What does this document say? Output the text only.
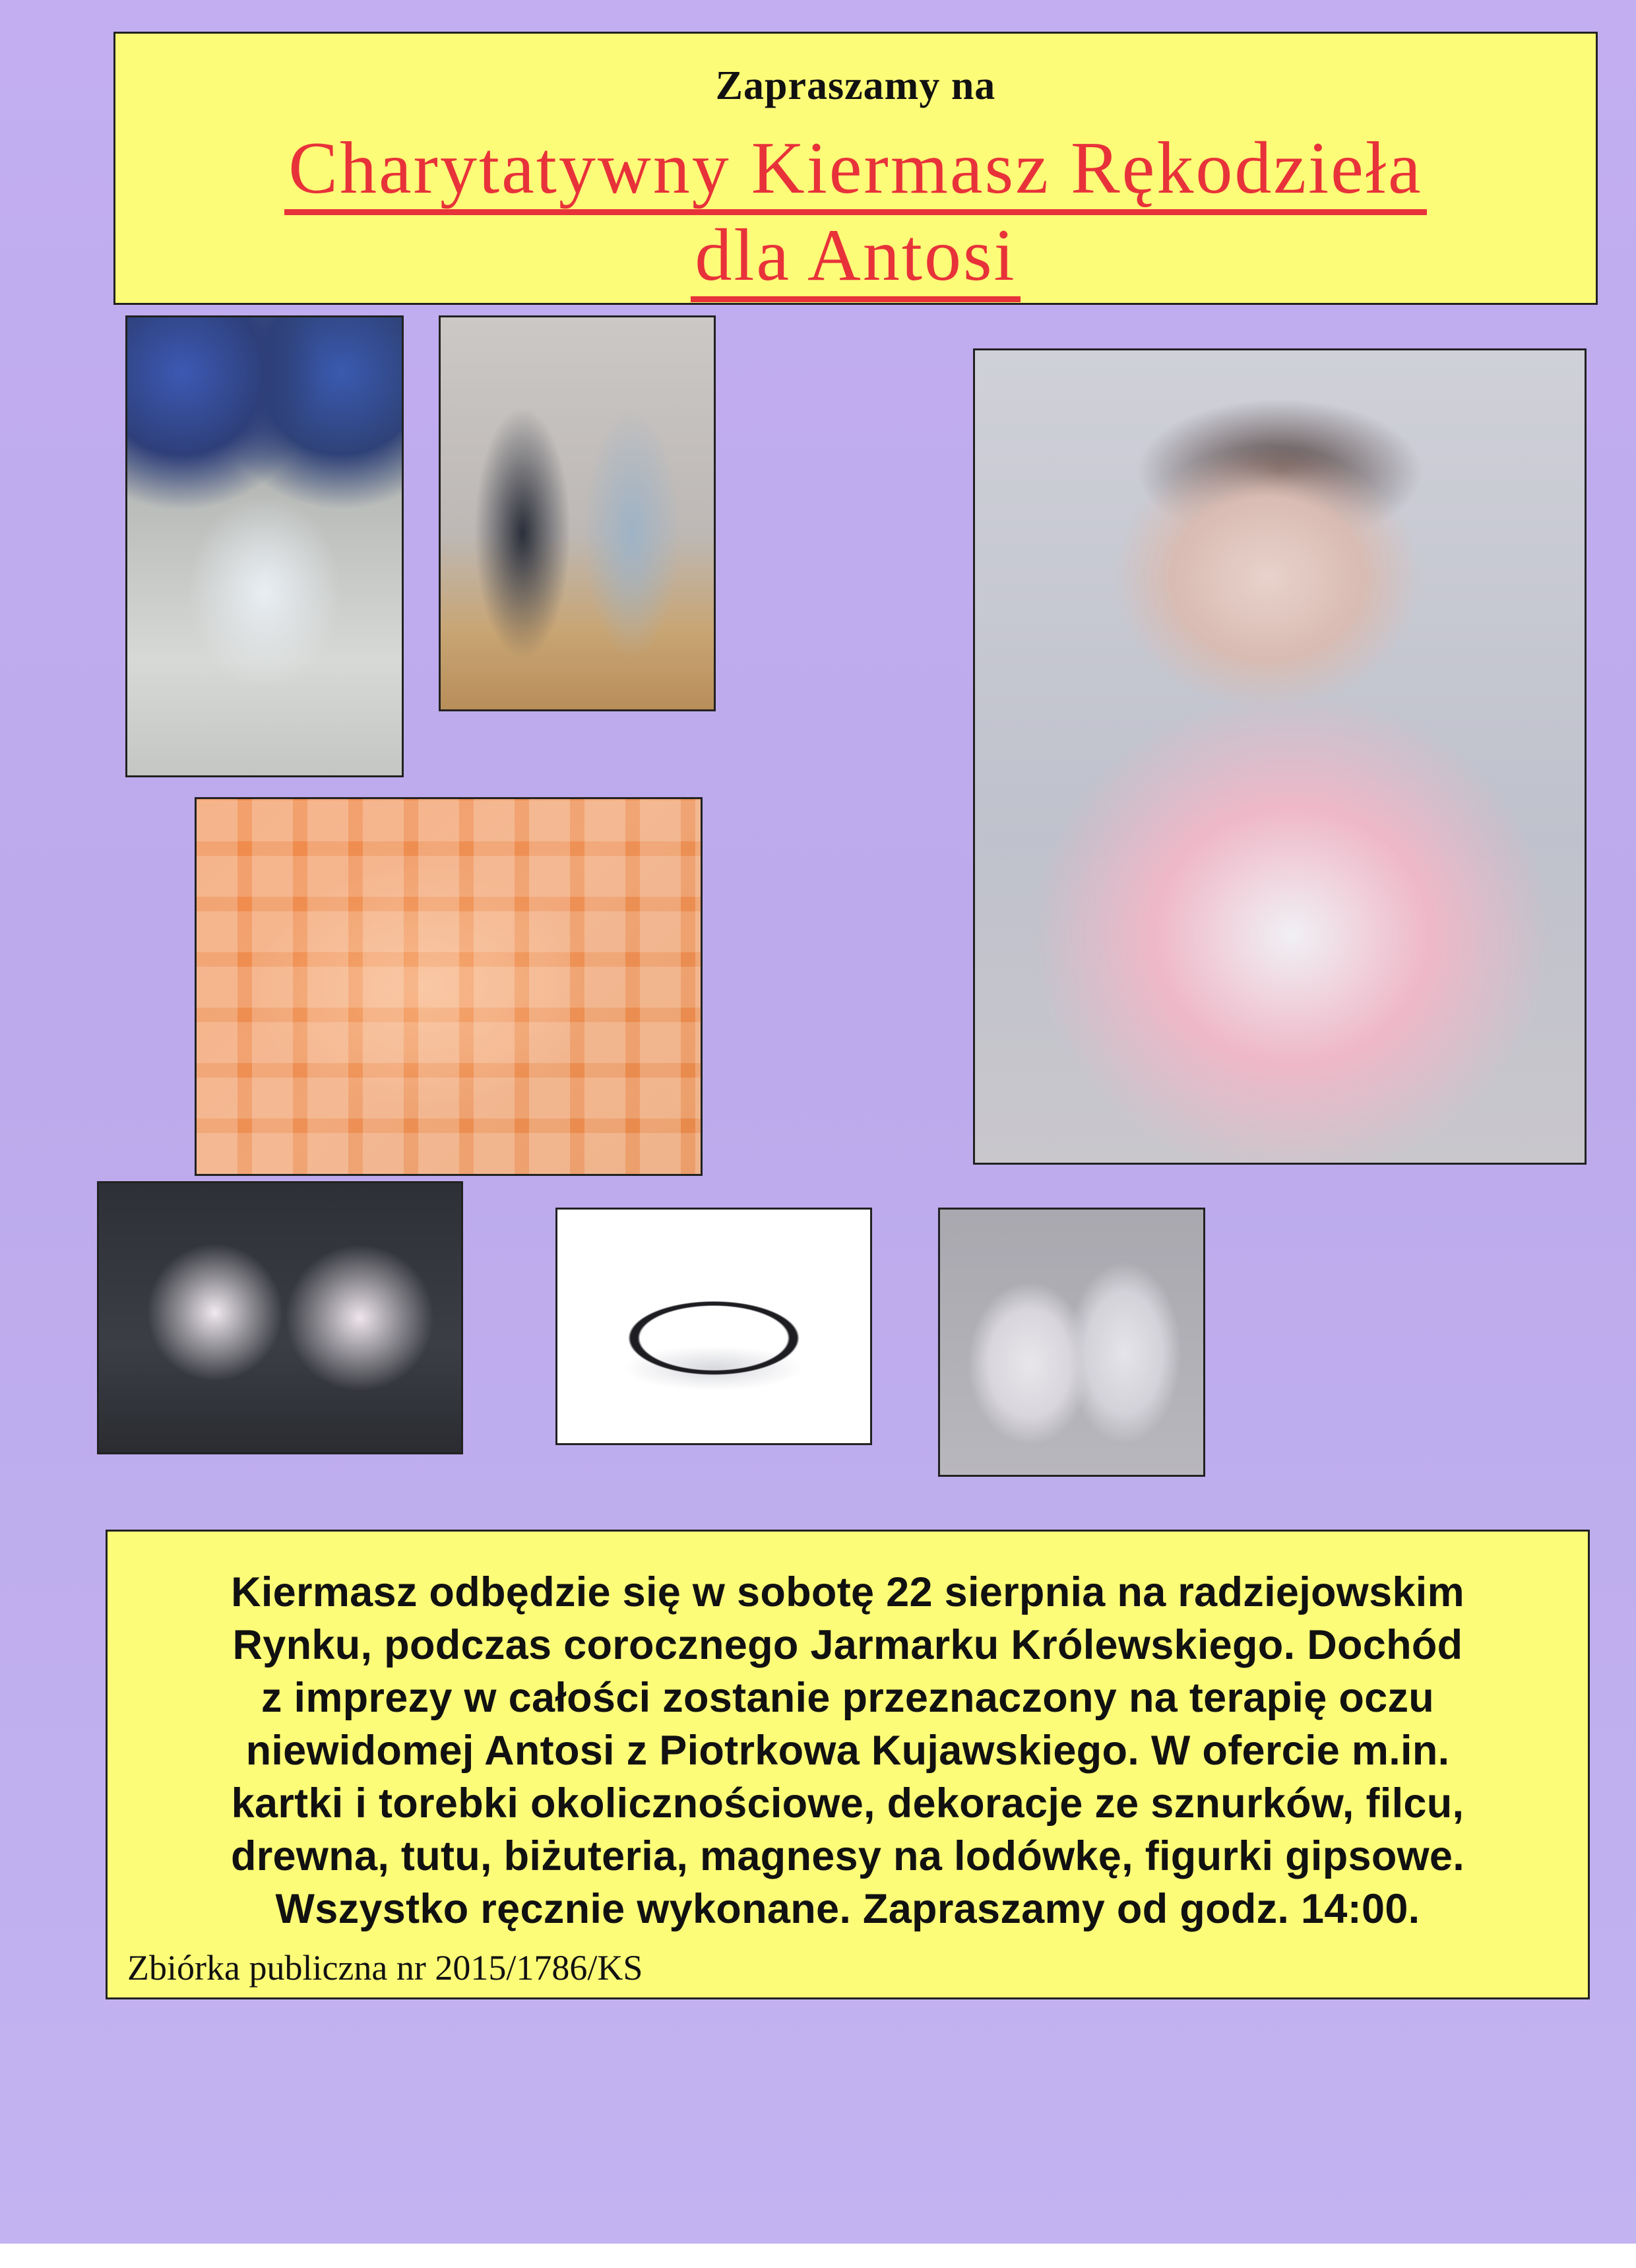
Zapraszamy na
Charytatywny Kiermasz Rękodzieła
dla Antosi
Kiermasz odbędzie się w sobotę 22 sierpnia na radziejowskim
Rynku, podczas corocznego Jarmarku Królewskiego. Dochód
z imprezy w całości zostanie przeznaczony na terapię oczu
niewidomej Antosi z Piotrkowa Kujawskiego. W ofercie m.in.
kartki i torebki okolicznościowe, dekoracje ze sznurków, filcu,
drewna, tutu, biżuteria, magnesy na lodówkę, figurki gipsowe.
Wszystko ręcznie wykonane. Zapraszamy od godz. 14:00.
Zbiórka publiczna nr 2015/1786/KS
